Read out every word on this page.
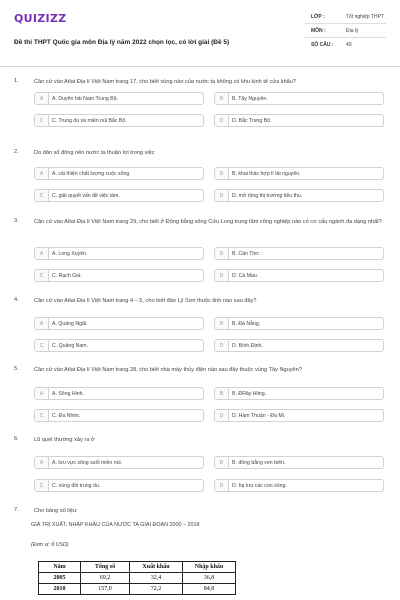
QUIZIZZ
Đề thi THPT Quốc gia môn Địa lý năm 2022 chọn lọc, có lời giải (Đề 5)
LỚP :	Tốt nghiệp THPT
MÔN :	Địa lý
SỐ CÂU :	40
1.	Căn cứ vào Atlat Địa lí Việt Nam trang 17, cho biết vùng nào của nước ta không có khu kinh tế cửa khẩu?
A	A. Duyên hải Nam Trung Bộ.	B	B. Tây Nguyên.
C	C. Trung du và miền núi Bắc Bộ.	D	D. Bắc Trung Bộ.
2.	Do dân số đông nên nước ta thuận lợi trong việc
A	A. cải thiện chất lượng cuộc sống.	B	B. khai thác hợp lí tài nguyên.
C	C. giải quyết vấn đề việc làm.	D	D. mở rộng thị trường tiêu thụ.
3.	Căn cứ vào Atlat Địa lí Việt Nam trang 29, cho biết ở Đồng bằng sông Cửu Long trung tâm công nghiệp nào có cơ cấu ngành đa dạng nhất?
A	A. Long Xuyên.	B	B. Cần Thơ.
C	C. Rạch Giá.	D	D. Cà Mau.
4.	Căn cứ vào Atlat Địa lí Việt Nam trang 4 – 5, cho biết đảo Lý Sơn thuộc tỉnh nào sau đây?
A	A. Quảng Ngãi.	B	B. Đà Nẵng.
C	C. Quảng Nam.	D	D. Bình Định.
5.	Căn cứ vào Atlat Địa lí Việt Nam trang 28, cho biết nhà máy thủy điện nào sau đây thuộc vùng Tây Nguyên?
A	A. Sông Hinh.	B	B. ĐRây Hling.
C	C. Đa Nhim.	D	D. Hàm Thuận - Đa Mi.
6.	Lũ quét thường xảy ra ở
A	A. lưu vực sông suối miền núi.	B	B. đồng bằng ven biển.
C	C. vùng đồi trung du.	D	D. hạ lưu các con sông.
7.	Cho bảng số liệu:
GIÁ TRỊ XUẤT, NHẬP KHẨU CỦA NƯỚC TA GIAI ĐOẠN 2000 – 2018
(Đơn vị: tỉ USD)
Năm	Tổng số	Xuất khẩu	Nhập khẩu
2005	69,2	32,4	36,8
2010	157,0	72,2	84,8
